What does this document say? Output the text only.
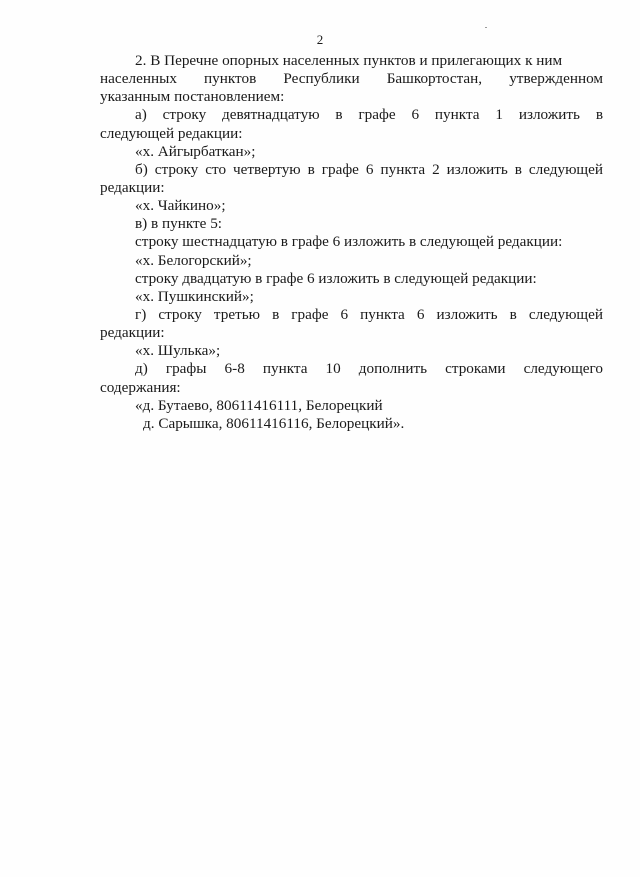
2
2. В Перечне опорных населенных пунктов и прилегающих к ним
населенных пунктов Республики Башкортостан, утвержденном
указанным постановлением:
а) строку девятнадцатую в графе 6 пункта 1 изложить в
следующей редакции:
«х. Айгырбаткан»;
б) строку сто четвертую в графе 6 пункта 2 изложить в следующей
редакции:
«х. Чайкино»;
в) в пункте 5:
строку шестнадцатую в графе 6 изложить в следующей редакции:
«х. Белогорский»;
строку двадцатую в графе 6 изложить в следующей редакции:
«х. Пушкинский»;
г) строку третью в графе 6 пункта 6 изложить в следующей
редакции:
«х. Шулька»;
д) графы 6-8 пункта 10 дополнить строками следующего
содержания:
«д. Бутаево, 80611416111, Белорецкий
д. Сарышка, 80611416116, Белорецкий».
